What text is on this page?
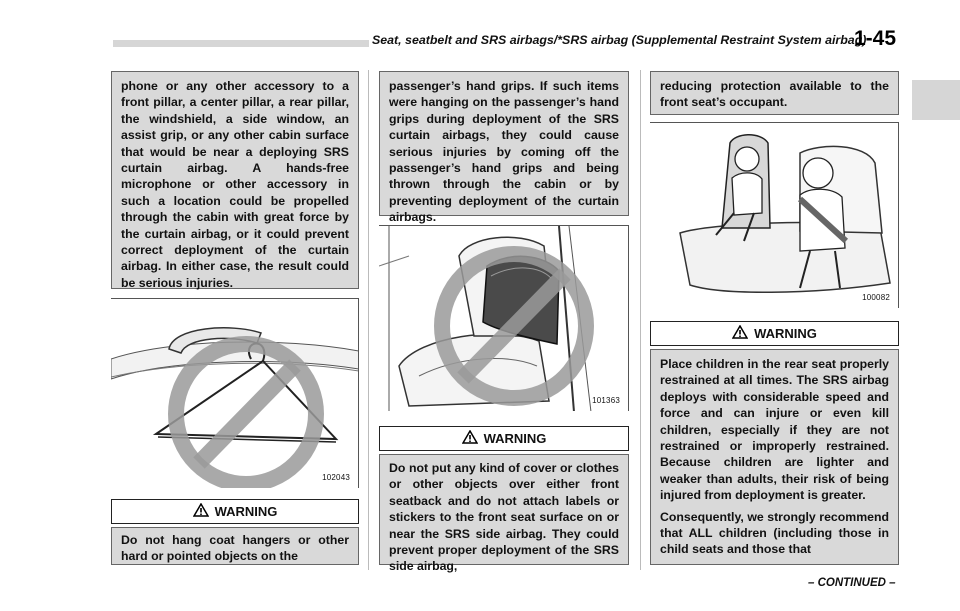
Seat, seatbelt and SRS airbags/*SRS airbag (Supplemental Restraint System airbag)
1-45

phone or any other accessory to a front pillar, a center pillar, a rear pillar, the windshield, a side window, an assist grip, or any other cabin surface that would be near a deploying SRS curtain airbag. A hands-free microphone or other accessory in such a location could be propelled through the cabin with great force by the curtain airbag, or it could prevent correct deployment of the curtain airbag. In either case, the result could be serious injuries.

102043
WARNING

Do not hang coat hangers or other hard or pointed objects on the

passenger’s hand grips. If such items were hanging on the passenger’s hand grips during deployment of the SRS curtain airbags, they could cause serious injuries by coming off the passenger’s hand grips and being thrown through the cabin or by preventing deployment of the curtain airbags.

101363
WARNING

Do not put any kind of cover or clothes or other objects over either front seatback and do not attach labels or stickers to the front seat surface on or near the SRS side airbag. They could prevent proper deployment of the SRS side airbag,

reducing protection available to the front seat’s occupant.

100082
WARNING

Place children in the rear seat properly restrained at all times. The SRS airbag deploys with considerable speed and force and can injure or even kill children, especially if they are not restrained or improperly restrained. Because children are lighter and weaker than adults, their risk of being injured from deployment is greater.

Consequently, we strongly recommend that ALL children (including those in child seats and those that

– CONTINUED –
